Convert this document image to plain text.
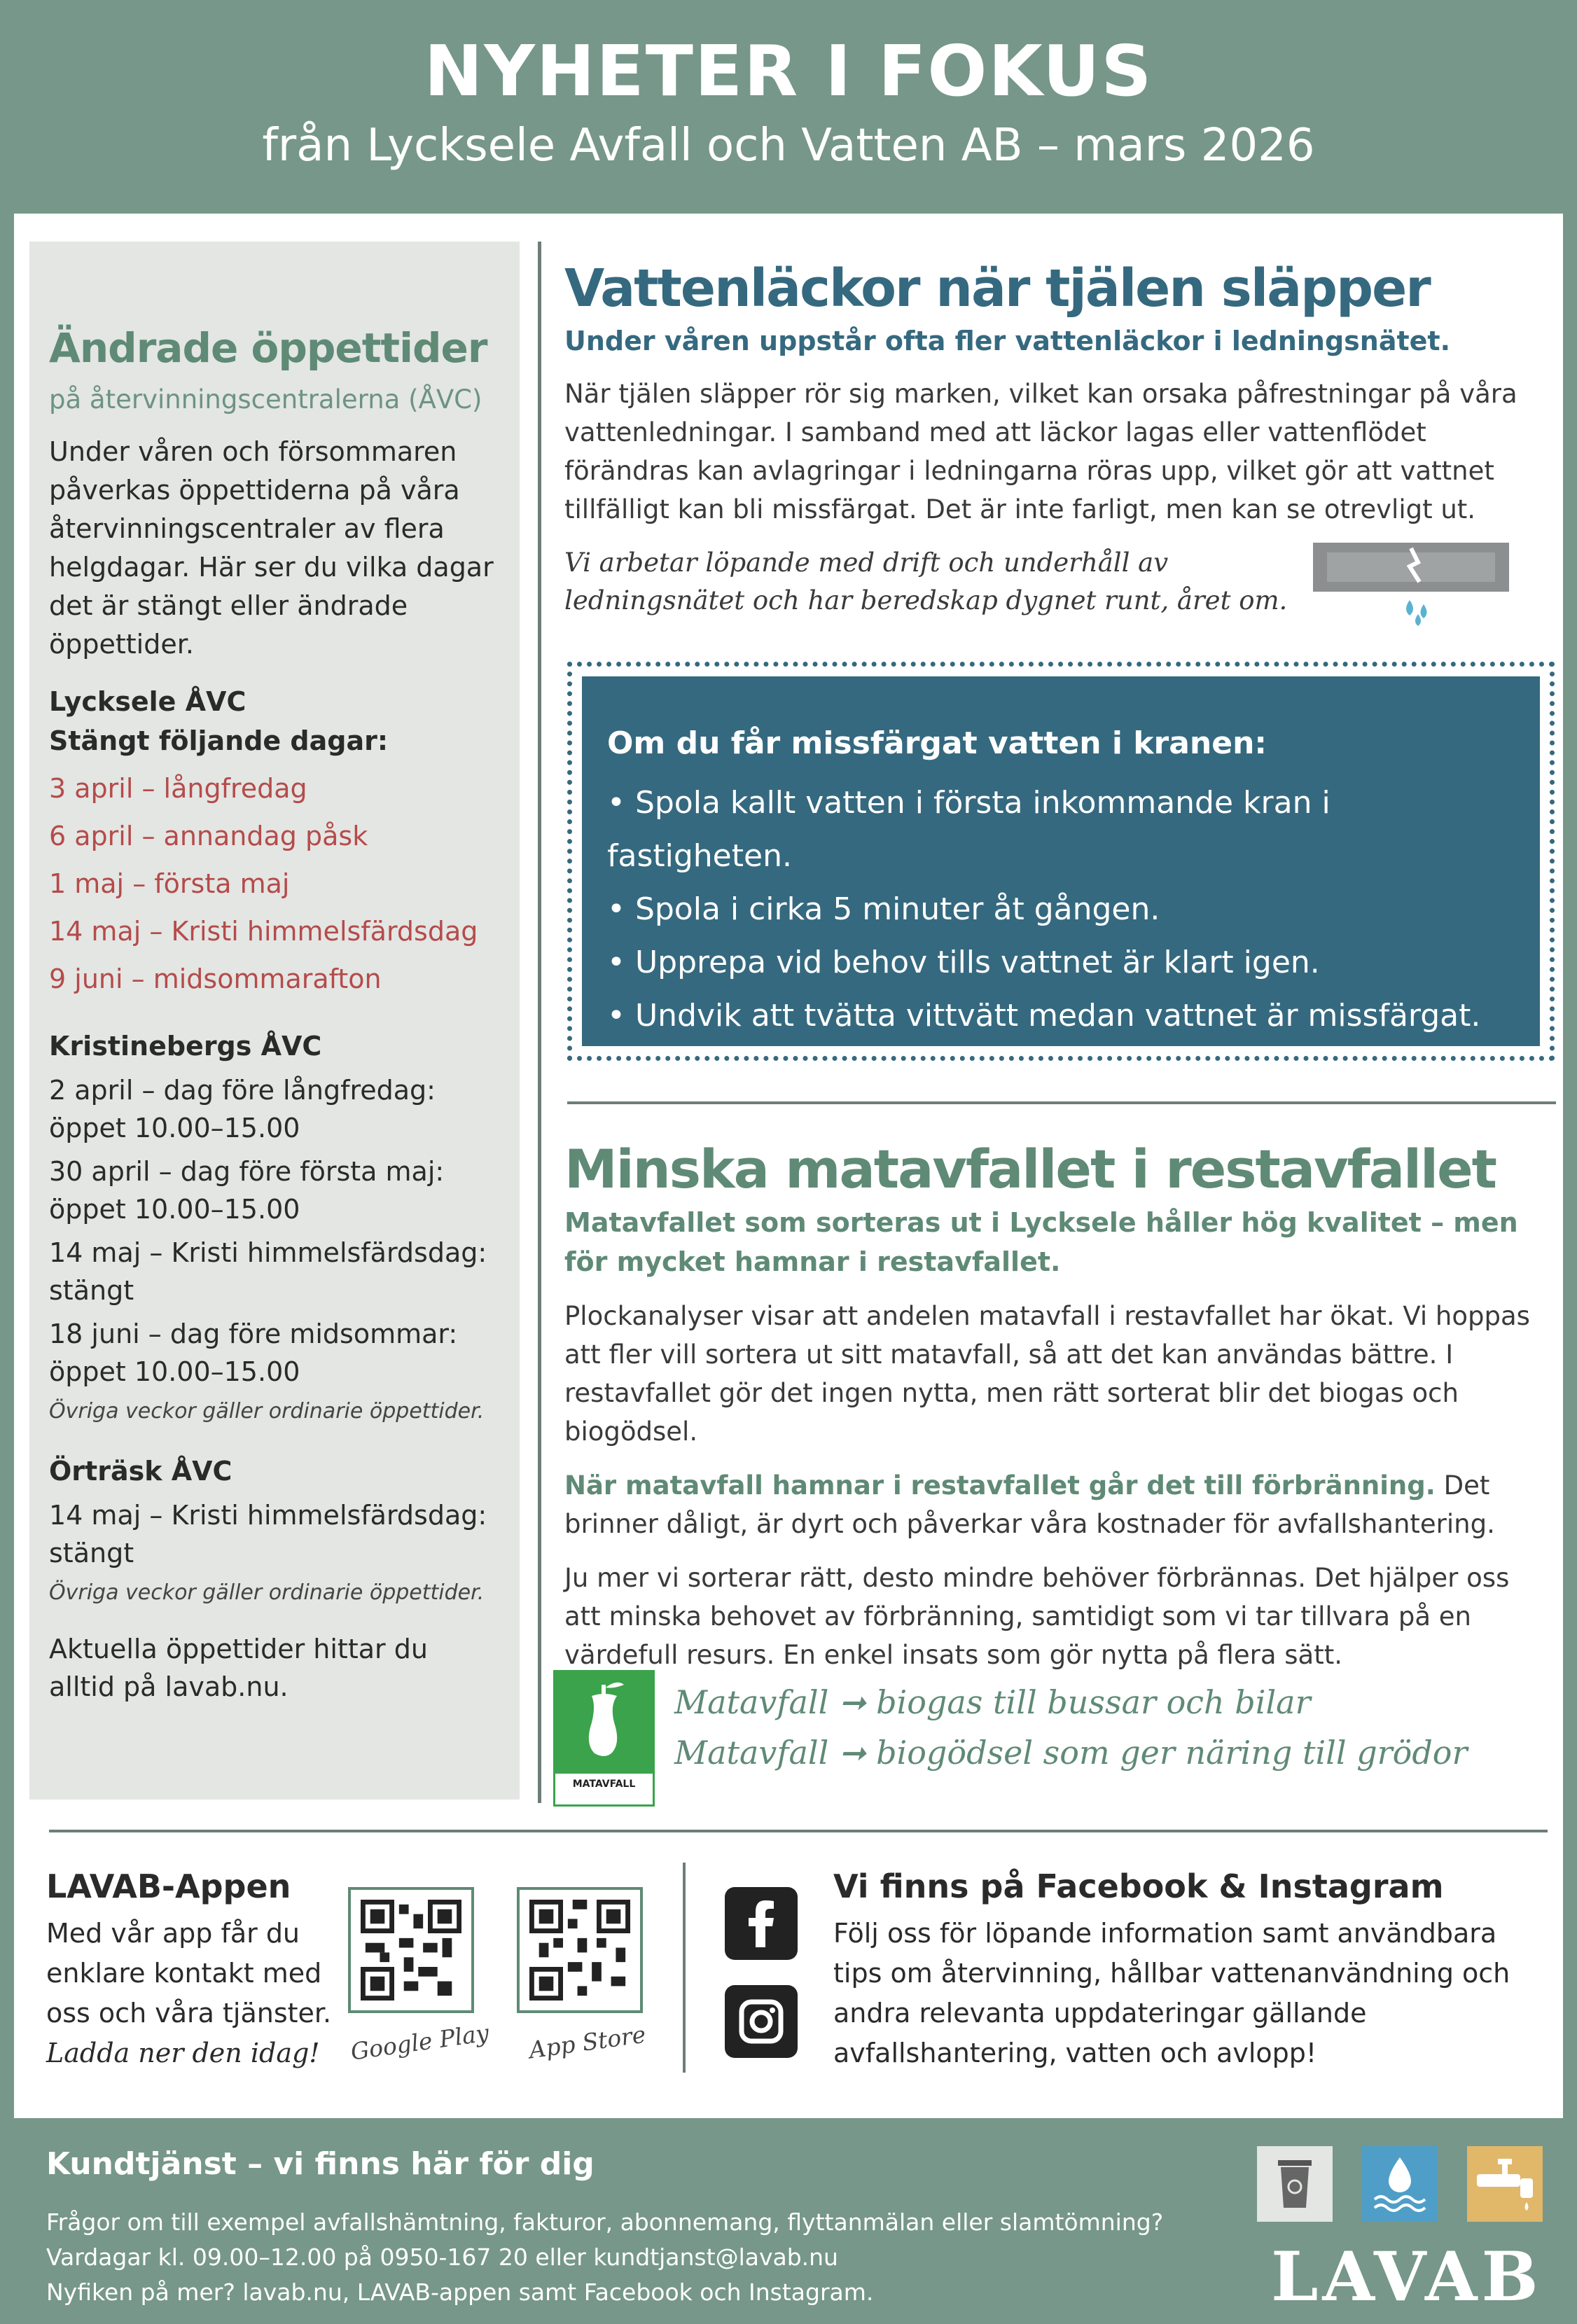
NYHETER I FOKUS
från Lycksele Avfall och Vatten AB – mars 2026
Ändrade öppettider
på återvinningscentralerna (ÅVC)
Under våren och försommaren påverkas öppettiderna på våra återvinningscentraler av flera helgdagar. Här ser du vilka dagar det är stängt eller ändrade öppettider.
Lycksele ÅVC
Stängt följande dagar:
3 april – långfredag
6 april – annandag påsk
1 maj – första maj
14 maj – Kristi himmelsfärdsdag
9 juni – midsommarafton
Kristinebergs ÅVC
2 april – dag före långfredag: öppet 10.00–15.00
30 april – dag före första maj: öppet 10.00–15.00
14 maj – Kristi himmelsfärdsdag: stängt
18 juni – dag före midsommar: öppet 10.00–15.00
Övriga veckor gäller ordinarie öppettider.
Örträsk ÅVC
14 maj – Kristi himmelsfärdsdag: stängt
Övriga veckor gäller ordinarie öppettider.
Aktuella öppettider hittar du alltid på lavab.nu.
Vattenläckor när tjälen släpper
Under våren uppstår ofta fler vattenläckor i ledningsnätet.
När tjälen släpper rör sig marken, vilket kan orsaka påfrestningar på våra vattenledningar. I samband med att läckor lagas eller vattenflödet förändras kan avlagringar i ledningarna röras upp, vilket gör att vattnet tillfälligt kan bli missfärgat. Det är inte farligt, men kan se otrevligt ut.
Vi arbetar löpande med drift och underhåll av ledningsnätet och har beredskap dygnet runt, året om.
Om du får missfärgat vatten i kranen:
• Spola kallt vatten i första inkommande kran i fastigheten.
• Spola i cirka 5 minuter åt gången.
• Upprepa vid behov tills vattnet är klart igen.
• Undvik att tvätta vittvätt medan vattnet är missfärgat.
Minska matavfallet i restavfallet
Matavfallet som sorteras ut i Lycksele håller hög kvalitet – men för mycket hamnar i restavfallet.
Plockanalyser visar att andelen matavfall i restavfallet har ökat. Vi hoppas att fler vill sortera ut sitt matavfall, så att det kan användas bättre. I restavfallet gör det ingen nytta, men rätt sorterat blir det biogas och biogödsel.
När matavfall hamnar i restavfallet går det till förbränning. Det brinner dåligt, är dyrt och påverkar våra kostnader för avfallshantering.
Ju mer vi sorterar rätt, desto mindre behöver förbrännas. Det hjälper oss att minska behovet av förbränning, samtidigt som vi tar tillvara på en värdefull resurs. En enkel insats som gör nytta på flera sätt.
MATAVFALL
Matavfall ➞ biogas till bussar och bilar
Matavfall ➞ biogödsel som ger näring till grödor
LAVAB-Appen
Med vår app får du enklare kontakt med oss och våra tjänster.
Ladda ner den idag!	Google Play App Store
Vi finns på Facebook & Instagram
Följ oss för löpande information samt användbara tips om återvinning, hållbar vattenanvändning och andra relevanta uppdateringar gällande avfallshantering, vatten och avlopp!
Kundtjänst – vi finns här för dig
Frågor om till exempel avfallshämtning, fakturor, abonnemang, flyttanmälan eller slamtömning?
Vardagar kl. 09.00–12.00 på 0950-167 20 eller kundtjanst@lavab.nu
Nyfiken på mer? lavab.nu, LAVAB-appen samt Facebook och Instagram.	LAVAB
